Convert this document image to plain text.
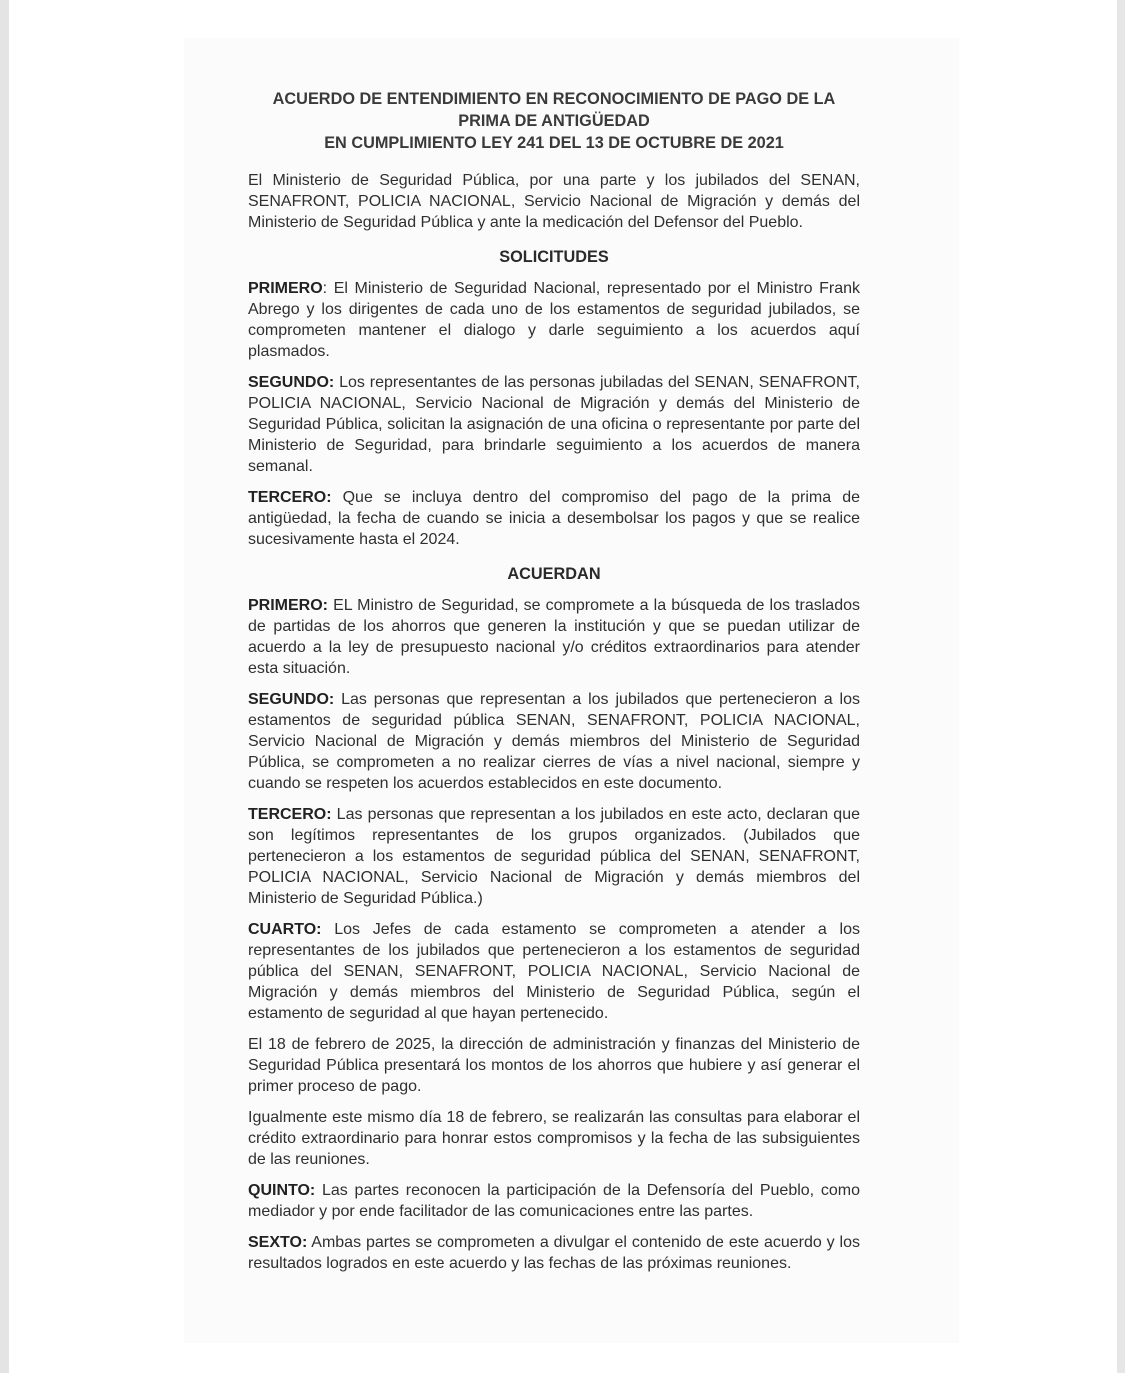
ACUERDO DE ENTENDIMIENTO EN RECONOCIMIENTO DE PAGO DE LA
PRIMA DE ANTIGÜEDAD
EN CUMPLIMIENTO LEY 241 DEL 13 DE OCTUBRE DE 2021

El Ministerio de Seguridad Pública, por una parte y los jubilados del SENAN, SENAFRONT, POLICIA NACIONAL, Servicio Nacional de Migración y demás del Ministerio de Seguridad Pública y ante la medicación del Defensor del Pueblo.

SOLICITUDES

PRIMERO: El Ministerio de Seguridad Nacional, representado por el Ministro Frank Abrego y los dirigentes de cada uno de los estamentos de seguridad jubilados, se comprometen mantener el dialogo y darle seguimiento a los acuerdos aquí plasmados.

SEGUNDO: Los representantes de las personas jubiladas del SENAN, SENAFRONT, POLICIA NACIONAL, Servicio Nacional de Migración y demás del Ministerio de Seguridad Pública, solicitan la asignación de una oficina o representante por parte del Ministerio de Seguridad, para brindarle seguimiento a los acuerdos de manera semanal.

TERCERO: Que se incluya dentro del compromiso del pago de la prima de antigüedad, la fecha de cuando se inicia a desembolsar los pagos y que se realice sucesivamente hasta el 2024.

ACUERDAN

PRIMERO: EL Ministro de Seguridad, se compromete a la búsqueda de los traslados de partidas de los ahorros que generen la institución y que se puedan utilizar de acuerdo a la ley de presupuesto nacional y/o créditos extraordinarios para atender esta situación.

SEGUNDO: Las personas que representan a los jubilados que pertenecieron a los estamentos de seguridad pública SENAN, SENAFRONT, POLICIA NACIONAL, Servicio Nacional de Migración y demás miembros del Ministerio de Seguridad Pública, se comprometen a no realizar cierres de vías a nivel nacional, siempre y cuando se respeten los acuerdos establecidos en este documento.

TERCERO: Las personas que representan a los jubilados en este acto, declaran que son legítimos representantes de los grupos organizados. (Jubilados que pertenecieron a los estamentos de seguridad pública del SENAN, SENAFRONT, POLICIA NACIONAL, Servicio Nacional de Migración y demás miembros del Ministerio de Seguridad Pública.)

CUARTO: Los Jefes de cada estamento se comprometen a atender a los representantes de los jubilados que pertenecieron a los estamentos de seguridad pública del SENAN, SENAFRONT, POLICIA NACIONAL, Servicio Nacional de Migración y demás miembros del Ministerio de Seguridad Pública, según el estamento de seguridad al que hayan pertenecido.

El 18 de febrero de 2025, la dirección de administración y finanzas del Ministerio de Seguridad Pública presentará los montos de los ahorros que hubiere y así generar el primer proceso de pago.

Igualmente este mismo día 18 de febrero, se realizarán las consultas para elaborar el crédito extraordinario para honrar estos compromisos y la fecha de las subsiguientes de las reuniones.

QUINTO: Las partes reconocen la participación de la Defensoría del Pueblo, como mediador y por ende facilitador de las comunicaciones entre las partes.

SEXTO: Ambas partes se comprometen a divulgar el contenido de este acuerdo y los resultados logrados en este acuerdo y las fechas de las próximas reuniones.
